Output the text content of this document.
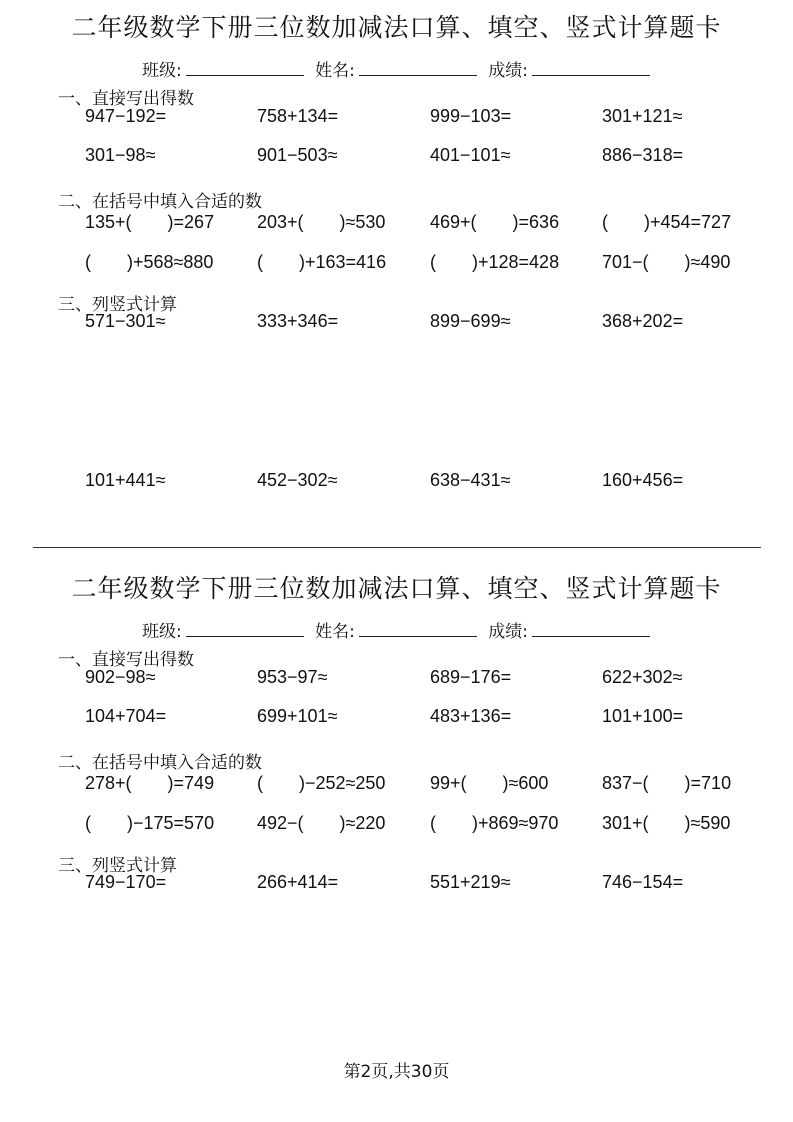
二年级数学下册三位数加减法口算、填空、竖式计算题卡
班级:	姓名:	成绩:
一、直接写出得数
947−192=	758+134=	999−103=	301+121≈
301−98≈	901−503≈	401−101≈	886−318=
二、在括号中填入合适的数
135+(　　)=267 203+(　　)≈530 469+(　　)=636 (　　)+454=727
(　　)+568≈880 (　　)+163=416 (　　)+128=428 701−(　　)≈490
三、列竖式计算
571−301≈	333+346=	899−699≈	368+202=
101+441≈	452−302≈	638−431≈	160+456=
二年级数学下册三位数加减法口算、填空、竖式计算题卡
班级:	姓名:	成绩:
一、直接写出得数
902−98≈	953−97≈	689−176=	622+302≈
104+704=	699+101≈	483+136=	101+100=
二、在括号中填入合适的数
278+(　　)=749 (　　)−252≈250 99+(　　)≈600	837−(　　)=710
(　　)−175=570 492−(　　)≈220 (　　)+869≈970 301+(　　)≈590
三、列竖式计算
749−170=	266+414=	551+219≈	746−154=
第2页,共30页
